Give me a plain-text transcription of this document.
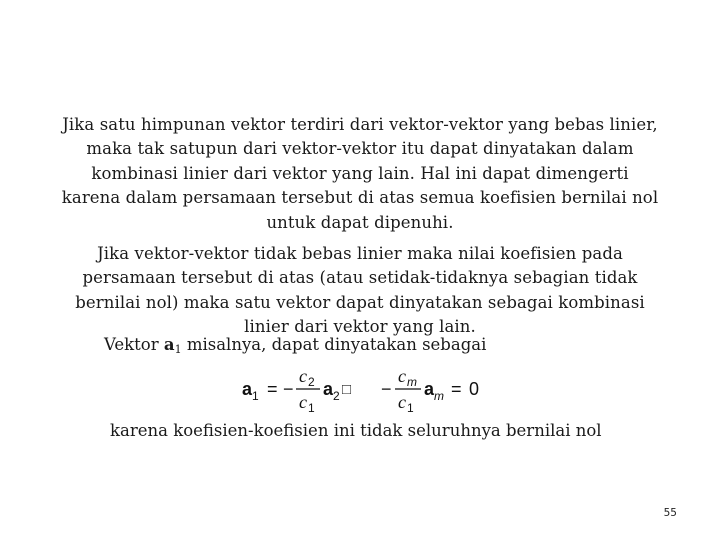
Jika satu himpunan vektor terdiri dari vektor-vektor yang bebas linier, maka tak satupun dari vektor-vektor itu dapat dinyatakan dalam kombinasi linier dari vektor yang lain. Hal ini dapat dimengerti karena dalam persamaan tersebut di atas semua koefisien bernilai nol untuk dapat dipenuhi.

Jika vektor-vektor tidak bebas linier maka nilai koefisien pada persamaan tersebut di atas (atau setidak-tidaknya sebagian tidak bernilai nol) maka satu vektor dapat dinyatakan sebagai kombinasi linier dari vektor yang lain.

Vektor $a_1$ misalnya, dapat dinyatakan sebagai
a 1 = −
c 2
c 1
a 2 □ −
c m
c 1
a m = 0

karena koefisien-koefisien ini tidak seluruhnya bernilai nol

55
